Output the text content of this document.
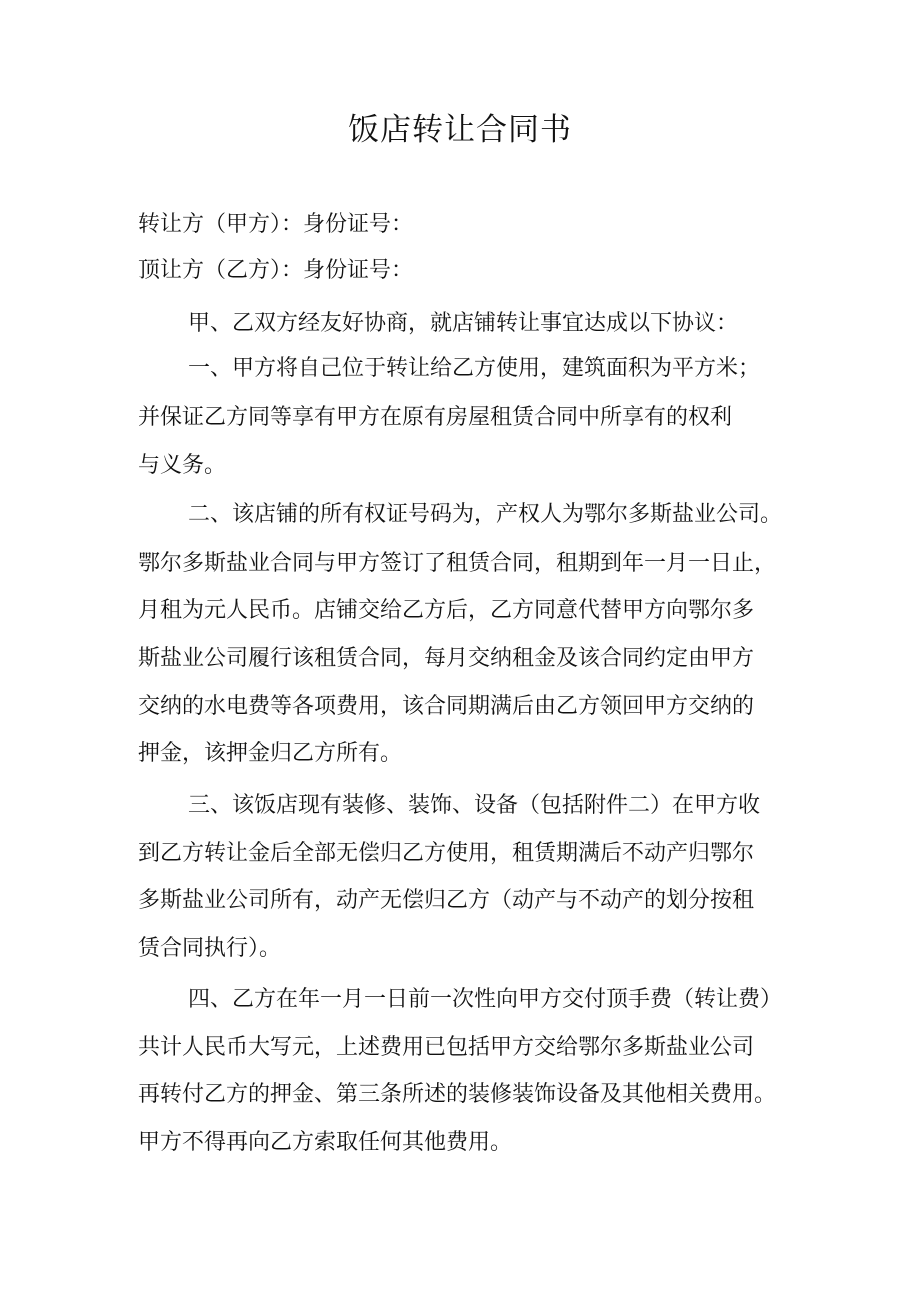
饭店转让合同书

转让方（甲方）：身份证号：

顶让方（乙方）：身份证号：

甲、乙双方经友好协商，就店铺转让事宜达成以下协议：

一、甲方将自己位于转让给乙方使用，建筑面积为平方米；

并保证乙方同等享有甲方在原有房屋租赁合同中所享有的权利

与义务。

二、该店铺的所有权证号码为，产权人为鄂尔多斯盐业公司。

鄂尔多斯盐业合同与甲方签订了租赁合同，租期到年一月一日止，

月租为元人民币。店铺交给乙方后，乙方同意代替甲方向鄂尔多

斯盐业公司履行该租赁合同，每月交纳租金及该合同约定由甲方

交纳的水电费等各项费用，该合同期满后由乙方领回甲方交纳的

押金，该押金归乙方所有。

三、该饭店现有装修、装饰、设备（包括附件二）在甲方收

到乙方转让金后全部无偿归乙方使用，租赁期满后不动产归鄂尔

多斯盐业公司所有，动产无偿归乙方（动产与不动产的划分按租

赁合同执行）。

四、乙方在年一月一日前一次性向甲方交付顶手费（转让费）

共计人民币大写元，上述费用已包括甲方交给鄂尔多斯盐业公司

再转付乙方的押金、第三条所述的装修装饰设备及其他相关费用。

甲方不得再向乙方索取任何其他费用。
